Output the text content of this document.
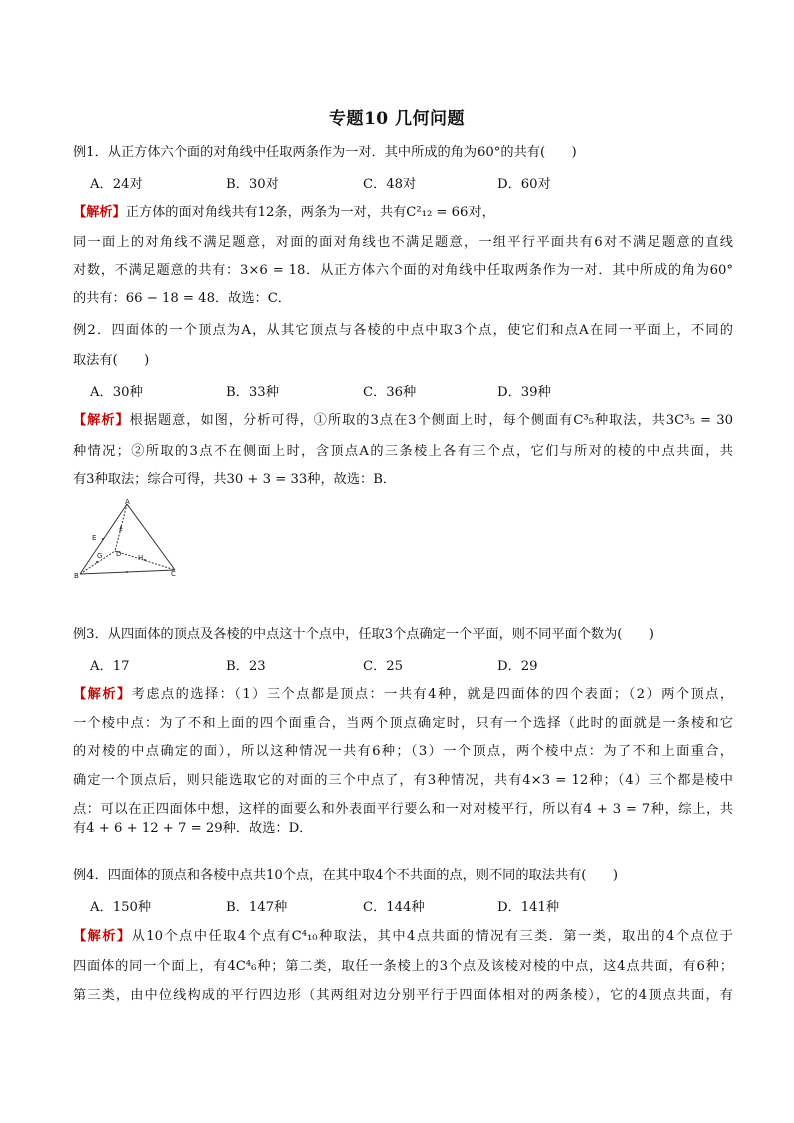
专题10 几何问题
例1．从正方体六个面的对角线中任取两条作为一对．其中所成的角为60°的共有(　　)
A．24对	B．30对	C．48对	D．60对
【解析】正方体的面对角线共有12条，两条为一对，共有C²₁₂ = 66对，
同一面上的对角线不满足题意，对面的面对角线也不满足题意，一组平行平面共有6对不满足题意的直线
对数，不满足题意的共有：3×6 = 18．从正方体六个面的对角线中任取两条作为一对．其中所成的角为60°
的共有：66 − 18 = 48．故选：C．
例2．四面体的一个顶点为A，从其它顶点与各棱的中点中取3个点，使它们和点A在同一平面上，不同的
取法有(　　)
A．30种	B．33种	C．36种	D．39种
【解析】根据题意，如图，分析可得，①所取的3点在3个侧面上时，每个侧面有C³₅种取法，共3C³₅ = 30
种情况；②所取的3点不在侧面上时，含顶点A的三条棱上各有三个点，它们与所对的棱的中点共面，共
有3种取法；综合可得，共30 + 3 = 33种，故选：B．
A
E
F
D
G	H
B	C
例3．从四面体的顶点及各棱的中点这十个点中，任取3个点确定一个平面，则不同平面个数为(　　)
A．17	B．23	C．25	D．29
【解析】考虑点的选择：（1）三个点都是顶点：一共有4种，就是四面体的四个表面；（2）两个顶点，
一个棱中点：为了不和上面的四个面重合，当两个顶点确定时，只有一个选择（此时的面就是一条棱和它
的对棱的中点确定的面），所以这种情况一共有6种；（3）一个顶点，两个棱中点：为了不和上面重合，
确定一个顶点后，则只能选取它的对面的三个中点了，有3种情况，共有4×3 = 12种；（4）三个都是棱中
点：可以在正四面体中想，这样的面要么和外表面平行要么和一对对棱平行，所以有4 + 3 = 7种，综上，共
有4 + 6 + 12 + 7 = 29种．故选：D．
例4．四面体的顶点和各棱中点共10个点，在其中取4个不共面的点，则不同的取法共有(　　)
A．150种	B．147种	C．144种	D．141种
【解析】从10个点中任取4个点有C⁴₁₀种取法，其中4点共面的情况有三类．第一类，取出的4个点位于
四面体的同一个面上，有4C⁴₆种；第二类，取任一条棱上的3个点及该棱对棱的中点，这4点共面，有6种；
第三类，由中位线构成的平行四边形（其两组对边分别平行于四面体相对的两条棱），它的4顶点共面，有
